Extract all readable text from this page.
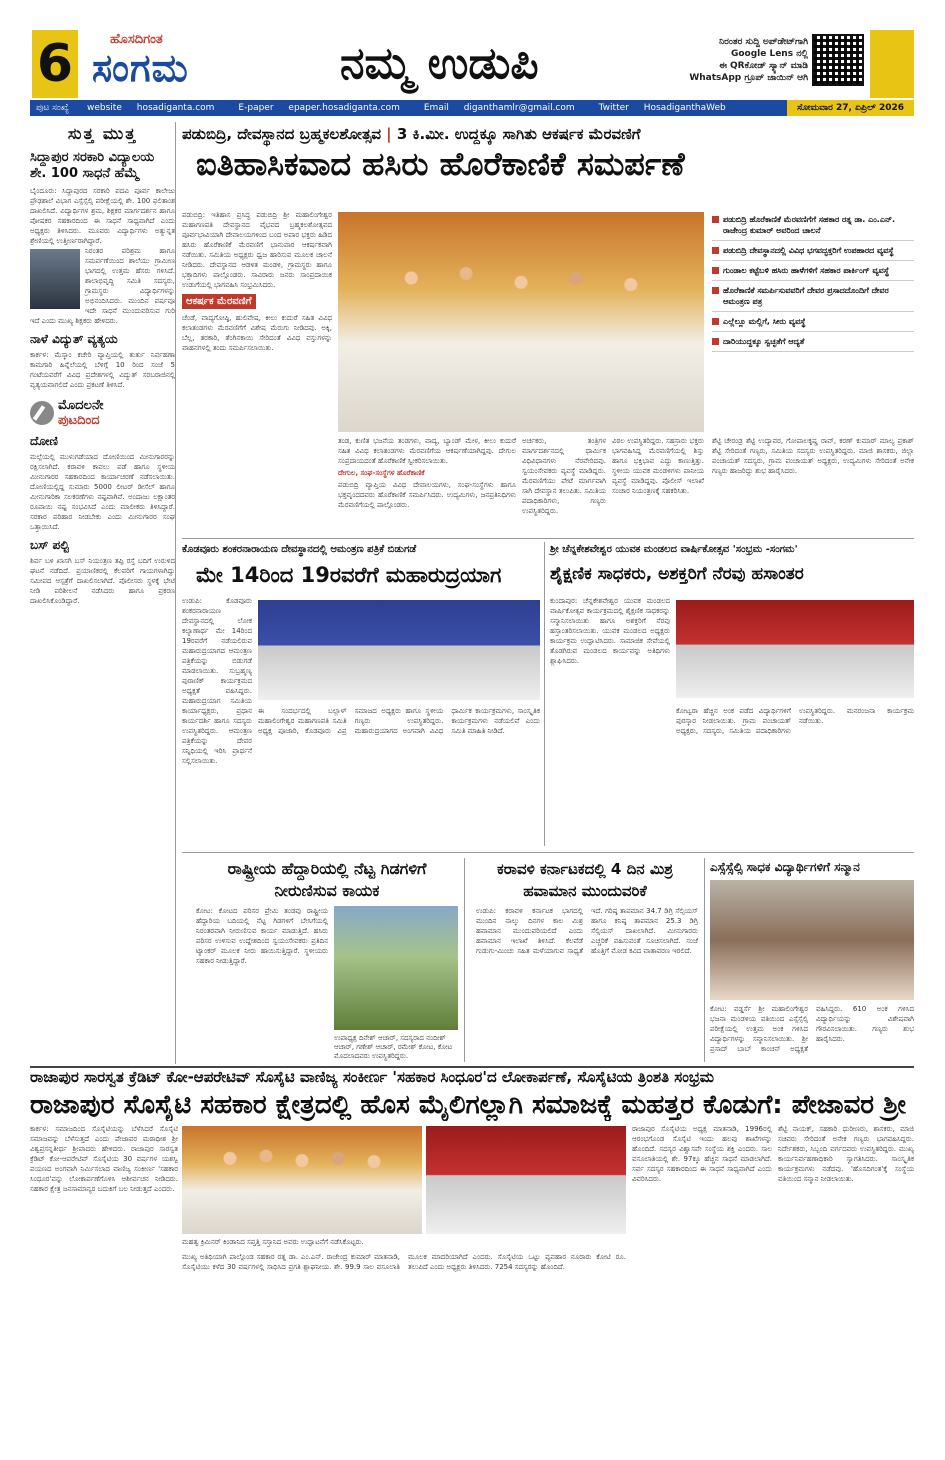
6	ಹೊಸದಿಗಂತ
ಸಂಗಮ	ನಮ್ಮ ಉಡುಪಿ	ನಿರಂತರ ಸುದ್ದಿ ಅಪ್‌ಡೇಟ್‌ಗಾಗಿ
Google Lens ನಲ್ಲಿ
ಈ QRಕೋಡ್ ಸ್ಕ್ಯಾನ್ ಮಾಡಿ
WhatsApp ಗ್ರೂಪ್ ಜಾಯಿನ್ ಆಗಿ
ಪುಟ ಸಂಖ್ಯೆ	website hosadiganta.com	E-paper epaper.hosadiganta.com	Email diganthamlr@gmail.com	Twitter HosadiganthaWeb	ಸೋಮವಾರ 27, ಏಪ್ರಿಲ್ 2026
ಸುತ್ತ ಮುತ್ತ
ಸಿದ್ದಾಪುರ ಸರಕಾರಿ ವಿದ್ಯಾಲಯ ಶೇ. 100 ಸಾಧನೆ ಹೆಮ್ಮೆ
ಬೈಂದೂರು: ಸಿದ್ದಾಪುರದ ಸರಕಾರಿ ಪದವಿ ಪೂರ್ವ ಕಾಲೇಜು ಪ್ರೌಢಶಾಲೆ ವಿಭಾಗ ಎಸ್ಸೆಸ್ಸೆಲ್ಸಿ ಪರೀಕ್ಷೆಯಲ್ಲಿ ಶೇ. 100 ಫಲಿತಾಂಶ ದಾಖಲಿಸಿದೆ. ವಿದ್ಯಾರ್ಥಿಗಳ ಶ್ರಮ, ಶಿಕ್ಷಕರ ಮಾರ್ಗದರ್ಶನ ಹಾಗೂ ಪೋಷಕರ ಸಹಕಾರದಿಂದ ಈ ಸಾಧನೆ ಸಾಧ್ಯವಾಗಿದೆ ಎಂದು ಅಧ್ಯಕ್ಷರು ತಿಳಿಸಿದರು. ಮೂವರು ವಿದ್ಯಾರ್ಥಿಗಳು ಅತ್ಯುನ್ನತ ಶ್ರೇಣಿಯಲ್ಲಿ ಉತ್ತೀರ್ಣರಾಗಿದ್ದಾರೆ.
ನಿರಂತರ ಪರಿಶ್ರಮ ಹಾಗೂ ಸಮರ್ಪಣೆಯಿಂದ ಶಾಲೆಯು ಗ್ರಾಮೀಣ ಭಾಗದಲ್ಲಿ ಉತ್ತಮ ಹೆಸರು ಗಳಿಸಿದೆ. ಶಾಲಾಭಿವೃದ್ಧಿ ಸಮಿತಿ ಸದಸ್ಯರು, ಗ್ರಾಮಸ್ಥರು ವಿದ್ಯಾರ್ಥಿಗಳನ್ನು ಅಭಿನಂದಿಸಿದರು. ಮುಂದಿನ ವರ್ಷವೂ ಇದೇ ಸಾಧನೆ ಮುಂದುವರಿಸುವ ಗುರಿ ಇದೆ ಎಂದು ಮುಖ್ಯ ಶಿಕ್ಷಕರು ಹೇಳಿದರು.
ನಾಳೆ ವಿದ್ಯುತ್ ವ್ಯತ್ಯಯ
ಕಾರ್ಕಳ: ಮೆಸ್ಕಾಂ ಕಚೇರಿ ವ್ಯಾಪ್ತಿಯಲ್ಲಿ ತುರ್ತು ನಿರ್ವಹಣಾ ಕಾಮಗಾರಿ ಹಿನ್ನೆಲೆಯಲ್ಲಿ ಬೆಳಿಗ್ಗೆ 10 ರಿಂದ ಸಂಜೆ 5 ಗಂಟೆಯವರೆಗೆ ವಿವಿಧ ಪ್ರದೇಶಗಳಲ್ಲಿ ವಿದ್ಯುತ್ ಸರಬರಾಜಿನಲ್ಲಿ ವ್ಯತ್ಯಯವಾಗಲಿದೆ ಎಂದು ಪ್ರಕಟಣೆ ತಿಳಿಸಿದೆ.
ಮೊದಲನೇ
ಪುಟದಿಂದ
ದೋಣಿ
ಮಲ್ಪೆಯಲ್ಲಿ ಮುಳುಗಡೆಯಾದ ದೋಣಿಯಿಂದ ಮೀನುಗಾರರನ್ನು ರಕ್ಷಿಸಲಾಗಿದೆ. ಕರಾವಳಿ ಕಾವಲು ಪಡೆ ಹಾಗೂ ಸ್ಥಳೀಯ ಮೀನುಗಾರರ ಸಹಕಾರದಿಂದ ಕಾರ್ಯಾಚರಣೆ ನಡೆಸಲಾಯಿತು. ದೋಣಿಯಲ್ಲಿದ್ದ ಸುಮಾರು 5000 ಲೀಟರ್ ಡೀಸೆಲ್ ಹಾಗೂ ಮೀನುಗಾರಿಕಾ ಸಲಕರಣೆಗಳು ನಷ್ಟವಾಗಿವೆ. ಅಂದಾಜು ಲಕ್ಷಾಂತರ ರೂಪಾಯಿ ನಷ್ಟ ಸಂಭವಿಸಿದೆ ಎಂದು ಮಾಲೀಕರು ತಿಳಿಸಿದ್ದಾರೆ. ಸರಕಾರ ಪರಿಹಾರ ನೀಡಬೇಕು ಎಂದು ಮೀನುಗಾರರ ಸಂಘ ಒತ್ತಾಯಿಸಿದೆ.
ಬಸ್ ಪಲ್ಟಿ
ಶಿರ್ವ ಬಳಿ ಖಾಸಗಿ ಬಸ್ ನಿಯಂತ್ರಣ ತಪ್ಪಿ ರಸ್ತೆ ಬದಿಗೆ ಉರುಳಿದ ಘಟನೆ ನಡೆದಿದೆ. ಪ್ರಯಾಣಿಕರಲ್ಲಿ ಕೆಲವರಿಗೆ ಗಾಯಗಳಾಗಿದ್ದು ಸಮೀಪದ ಆಸ್ಪತ್ರೆಗೆ ದಾಖಲಿಸಲಾಗಿದೆ. ಪೊಲೀಸರು ಸ್ಥಳಕ್ಕೆ ಭೇಟಿ ನೀಡಿ ಪರಿಶೀಲನೆ ನಡೆಸಿದರು ಹಾಗೂ ಪ್ರಕರಣ ದಾಖಲಿಸಿಕೊಂಡಿದ್ದಾರೆ.
ಪಡುಬಿದ್ರಿ, ದೇವಸ್ಥಾನದ ಬ್ರಹ್ಮಕಲಶೋತ್ಸವ | 3 ಕಿ.ಮೀ. ಉದ್ದಕ್ಕೂ ಸಾಗಿತು ಆಕರ್ಷಕ ಮೆರವಣಿಗೆ
ಐತಿಹಾಸಿಕವಾದ ಹಸಿರು ಹೊರೆಕಾಣಿಕೆ ಸಮರ್ಪಣೆ
ಪಡುಬಿದ್ರಿ: ಇತಿಹಾಸ ಪ್ರಸಿದ್ಧ ಪಡುಬಿದ್ರಿ ಶ್ರೀ ಮಹಾಲಿಂಗೇಶ್ವರ ಮಹಾಗಣಪತಿ ದೇವಸ್ಥಾನದ ವೈಭವದ ಬ್ರಹ್ಮಕಲಶೋತ್ಸವದ ಪೂರ್ವಭಾವಿಯಾಗಿ ದೇವಾಲಯಗಳಿಂದ ಬಂದ ಅಪಾರ ಭಕ್ತರು ಹಿಡಿದ ಹಸಿರು ಹೊರೆಕಾಣಿಕೆ ಮೆರವಣಿಗೆ ಭಾನುವಾರ ಆಕರ್ಷಕವಾಗಿ ನಡೆಯಿತು. ಸಮಿತಿಯ ಅಧ್ಯಕ್ಷರು ಧ್ವಜ ಹಾರಿಸುವ ಮೂಲಕ ಚಾಲನೆ ನೀಡಿದರು. ದೇವಸ್ಥಾನದ ಆಡಳಿತ ಮಂಡಳಿ, ಗ್ರಾಮಸ್ಥರು ಹಾಗೂ ಭಕ್ತಾದಿಗಳು ಪಾಲ್ಗೊಂಡರು. ಸಾವಿರಾರು ಜನರು ಸಾಂಪ್ರದಾಯಿಕ ಉಡುಗೆಯಲ್ಲಿ ಭಾಗವಹಿಸಿ ಸಂಭ್ರಮಿಸಿದರು.
ಆಕರ್ಷಕ ಮೆರವಣಿಗೆ
ಚೆಂಡೆ, ವಾದ್ಯಗೋಷ್ಠಿ, ಹುಲಿವೇಷ, ಕೀಲು ಕುದುರೆ ಸಹಿತ ವಿವಿಧ ಕಲಾತಂಡಗಳು ಮೆರವಣಿಗೆಗೆ ವಿಶೇಷ ಮೆರುಗು ನೀಡಿದವು. ಅಕ್ಕಿ, ಬೆಲ್ಲ, ತರಕಾರಿ, ತೆಂಗಿನಕಾಯಿ ಸೇರಿದಂತೆ ವಿವಿಧ ವಸ್ತುಗಳನ್ನು ವಾಹನಗಳಲ್ಲಿ ತಂದು ಸಮರ್ಪಿಸಲಾಯಿತು.
ಪಡುಬಿದ್ರಿ ಹೊರೆಕಾಣಿಕೆ ಮೆರವಣಿಗೆಗೆ ಸಹಕಾರ ರತ್ನ ಡಾ. ಎಂ.ಎನ್. ರಾಜೇಂದ್ರ ಕುಮಾರ್ ಅವರಿಂದ ಚಾಲನೆ
ಪಡುಬಿದ್ರಿ ದೇವಸ್ಥಾನದಲ್ಲಿ ವಿವಿಧ ಭಗವದ್ಭಕ್ತರಿಗೆ ಉಪಹಾರದ ವ್ಯವಸ್ಥೆ
ಗುಂಡಾಲ ಕಟ್ಟೆಬಳಿ ಹಸಿರು ಹಾಳೆಗಳಿಗೆ ಸಹಕಾರ ಪಾರ್ಕಿಂಗ್ ವ್ಯವಸ್ಥೆ
ಹೊರೆಕಾಣಿಕೆ ಸಮರ್ಪಿಸುವವರಿಗೆ ದೇವರ ಪ್ರಸಾದದೊಂದಿಗೆ ದೇವರ ಆಮಂತ್ರಣ ಪತ್ರ
ಎಲ್ಲೆಲ್ಲೂ ಮಲ್ಲಿಗೆ, ಸೀರು ವ್ಯವಸ್ಥೆ
ದಾರಿಯುದ್ದಕ್ಕೂ ಸ್ವಚ್ಛತೆಗೆ ಆದ್ಯತೆ
ತಂಡ, ಕುಣಿತ ಭಜನೆಯ ತಂಡಗಳು, ವಾದ್ಯ, ಬ್ಯಾಂಡ್ ಮೇಳ, ಕೀಲು ಕುದುರೆ ಸಹಿತ ವಿವಿಧ ಕಲಾತಂಡಗಳು ಮೆರವಣಿಗೆಯ ಆಕರ್ಷಣೆಯಾಗಿದ್ದವು. ದೇಗುಲ ಸಂಪ್ರದಾಯದಂತೆ ಹೊರೆಕಾಣಿಕೆ ಸ್ವೀಕರಿಸಲಾಯಿತು.
ದೇಗುಲ, ಸಂಘ-ಸಂಸ್ಥೆಗಳ ಹೊರೆಕಾಣಿಕೆ
ಪಡುಬಿದ್ರಿ ವ್ಯಾಪ್ತಿಯ ವಿವಿಧ ದೇವಾಲಯಗಳು, ಸಂಘ-ಸಂಸ್ಥೆಗಳು ಹಾಗೂ ಭಕ್ತವೃಂದದವರು ಹೊರೆಕಾಣಿಕೆ ಸಮರ್ಪಿಸಿದರು. ಉದ್ಯಮಿಗಳು, ಜನಪ್ರತಿನಿಧಿಗಳು ಮೆರವಣಿಗೆಯಲ್ಲಿ ಪಾಲ್ಗೊಂಡರು.
ಅರ್ಚಕರು, ತಂತ್ರಿಗಳ ಮಾರ್ಗದರ್ಶನದಲ್ಲಿ ಧಾರ್ಮಿಕ ವಿಧಿವಿಧಾನಗಳು ನೆರವೇರಿದವು. ಸ್ವಯಂಸೇವಕರು ವ್ಯವಸ್ಥೆ ಮಾಡಿದ್ದರು. ಮೆರವಣಿಗೆಯು ಪೇಟೆ ಮಾರ್ಗವಾಗಿ ಸಾಗಿ ದೇವಸ್ಥಾನ ತಲುಪಿತು. ಸಮಿತಿಯ ಪದಾಧಿಕಾರಿಗಳು, ಗಣ್ಯರು ಉಪಸ್ಥಿತರಿದ್ದರು.
ವಿಠಲ ಉಪಸ್ಥಿತರಿದ್ದರು. ಸಹಸ್ರಾರು ಭಕ್ತರು ಭಾಗವಹಿಸಿದ್ದ ಮೆರವಣಿಗೆಯಲ್ಲಿ ಶಿಸ್ತು ಹಾಗೂ ಭಕ್ತಿಭಾವ ಎದ್ದು ಕಾಣುತ್ತಿತ್ತು. ಸ್ಥಳೀಯ ಯುವಕ ಮಂಡಳಿಗಳು ಪಾನೀಯ ವ್ಯವಸ್ಥೆ ಮಾಡಿದ್ದವು. ಪೊಲೀಸ್ ಇಲಾಖೆ ಸಂಚಾರ ನಿಯಂತ್ರಣಕ್ಕೆ ಸಹಕರಿಸಿತು.
ಶೆಟ್ಟಿ ಚೇರಂಡ್ರ ಶೆಟ್ಟಿ ಉದ್ಯಾವರ, ಗೋಪಾಲಕೃಷ್ಣ ರಾವ್, ಕರಣ್ ಕುಮಾರ್ ಮಾಲ್ಯ ಪ್ರಕಾಶ್ ಶೆಟ್ಟಿ ಸೇರಿದಂತೆ ಗಣ್ಯರು, ಸಮಿತಿಯ ಸದಸ್ಯರು ಉಪಸ್ಥಿತರಿದ್ದರು. ಮಾಜಿ ಶಾಸಕರು, ಜಿಲ್ಲಾ ಪಂಚಾಯತ್ ಸದಸ್ಯರು, ಗ್ರಾಮ ಪಂಚಾಯತ್ ಅಧ್ಯಕ್ಷರು, ಉದ್ಯಮಿಗಳು ಸೇರಿದಂತೆ ಅನೇಕ ಗಣ್ಯರು ಹಾಜರಿದ್ದು ಶುಭ ಹಾರೈಸಿದರು.
ಕೊಡವೂರು ಶಂಕರನಾರಾಯಣ ದೇವಸ್ಥಾನದಲ್ಲಿ ಆಮಂತ್ರಣ ಪತ್ರಿಕೆ ಬಿಡುಗಡೆ
ಮೇ 14ರಿಂದ 19ರವರೆಗೆ ಮಹಾರುದ್ರಯಾಗ
ಉಡುಪಿ: ಕೊಡವೂರು ಶಂಕರನಾರಾಯಣ ದೇವಸ್ಥಾನದಲ್ಲಿ ಲೋಕ ಕಲ್ಯಾಣಾರ್ಥ ಮೇ 14ರಿಂದ 19ರವರೆಗೆ ನಡೆಯಲಿರುವ ಮಹಾರುದ್ರಯಾಗದ ಆಮಂತ್ರಣ ಪತ್ರಿಕೆಯನ್ನು ಬಿಡುಗಡೆ ಮಾಡಲಾಯಿತು. ಸುಬ್ರಹ್ಮಣ್ಯ ಪುರಾಣಿಕ್ ಕಾರ್ಯಕ್ರಮದ ಅಧ್ಯಕ್ಷತೆ ವಹಿಸಿದ್ದರು. ಮಹಾರುದ್ರಯಾಗ ಸಮಿತಿಯ ಕಾರ್ಯಾಧ್ಯಕ್ಷರು, ಪ್ರಧಾನ ಕಾರ್ಯದರ್ಶಿ ಹಾಗೂ ಸದಸ್ಯರು ಉಪಸ್ಥಿತರಿದ್ದರು. ಆಮಂತ್ರಣ ಪತ್ರಿಕೆಯನ್ನು ದೇವರ ಸನ್ನಿಧಿಯಲ್ಲಿ ಇರಿಸಿ ಪ್ರಾರ್ಥನೆ ಸಲ್ಲಿಸಲಾಯಿತು.
ಈ ಸಂದರ್ಭದಲ್ಲಿ ಬಲ್ಲಾಳ್ ಮಹಾಲಿಂಗೇಶ್ವರ ಮಹಾಗಣಪತಿ ಸಮಿತಿ ಅಧ್ಯಕ್ಷ ಪೂಜಾರಿ, ಕೊಡವೂರು ವಿಪ್ರ ಸಮಾಜದ ಅಧ್ಯಕ್ಷರು ಹಾಗೂ ಸ್ಥಳೀಯ ಗಣ್ಯರು ಉಪಸ್ಥಿತರಿದ್ದರು. ಮಹಾರುದ್ರಯಾಗದ ಅಂಗವಾಗಿ ವಿವಿಧ ಧಾರ್ಮಿಕ ಕಾರ್ಯಕ್ರಮಗಳು, ಸಾಂಸ್ಕೃತಿಕ ಕಾರ್ಯಕ್ರಮಗಳು ನಡೆಯಲಿವೆ ಎಂದು ಸಮಿತಿ ಮಾಹಿತಿ ನೀಡಿದೆ.
ಶ್ರೀ ಚೆನ್ನಕೇಶವೇಶ್ವರ ಯುವಕ ಮಂಡಲದ ವಾರ್ಷಿಕೋತ್ಸವ 'ಸಂಭ್ರಮ -ಸಂಗಮ'
ಶೈಕ್ಷಣಿಕ ಸಾಧಕರು, ಅಶಕ್ತರಿಗೆ ನೆರವು ಹಸಾಂತರ
ಕುಂದಾಪುರ: ಚೆನ್ನಕೇಶವೇಶ್ವರ ಯುವಕ ಮಂಡಲದ ವಾರ್ಷಿಕೋತ್ಸವ ಕಾರ್ಯಕ್ರಮದಲ್ಲಿ ಶೈಕ್ಷಣಿಕ ಸಾಧಕರನ್ನು ಸನ್ಮಾನಿಸಲಾಯಿತು ಹಾಗೂ ಅಶಕ್ತರಿಗೆ ನೆರವು ಹಸ್ತಾಂತರಿಸಲಾಯಿತು. ಯುವಕ ಮಂಡಲದ ಅಧ್ಯಕ್ಷರು ಕಾರ್ಯಕ್ರಮ ಉದ್ಘಾಟಿಸಿದರು. ಸಾಮಾಜಿಕ ಸೇವೆಯಲ್ಲಿ ತೊಡಗಿರುವ ಮಂಡಲದ ಕಾರ್ಯವನ್ನು ಅತಿಥಿಗಳು ಶ್ಲಾಘಿಸಿದರು.
ಕೋಟ್ವರಾ ಹೆಚ್ಚಿನ ಅಂಕ ಪಡೆದ ವಿದ್ಯಾರ್ಥಿಗಳಿಗೆ ಪುರಸ್ಕಾರ ನೀಡಲಾಯಿತು. ಗ್ರಾಮ ಪಂಚಾಯತ್ ಅಧ್ಯಕ್ಷರು, ಸದಸ್ಯರು, ಸಮಿತಿಯ ಪದಾಧಿಕಾರಿಗಳು ಉಪಸ್ಥಿತರಿದ್ದರು. ಮನರಂಜನಾ ಕಾರ್ಯಕ್ರಮ ನಡೆಯಿತು.
ರಾಷ್ಟ್ರೀಯ ಹೆದ್ದಾರಿಯಲ್ಲಿ ನೆಟ್ಟ ಗಿಡಗಳಿಗೆ ನೀರುಣಿಸುವ ಕಾಯಕ
ಕೋಟ: ಕೋಟದ ಪರಿಸರ ಪ್ರೇಮಿ ತಂಡವು ರಾಷ್ಟ್ರೀಯ ಹೆದ್ದಾರಿಯ ಬದಿಯಲ್ಲಿ ನೆಟ್ಟ ಗಿಡಗಳಿಗೆ ಬೇಸಿಗೆಯಲ್ಲಿ ನಿರಂತರವಾಗಿ ನೀರುಣಿಸುವ ಕಾರ್ಯ ಮಾಡುತ್ತಿದೆ. ಹಸಿರು ಪರಿಸರ ಉಳಿಸುವ ಉದ್ದೇಶದಿಂದ ಸ್ವಯಂಸೇವಕರು ಪ್ರತಿದಿನ ಟ್ಯಾಂಕರ್ ಮೂಲಕ ನೀರು ಹಾಯಿಸುತ್ತಿದ್ದಾರೆ. ಸ್ಥಳೀಯರು ಸಹಕಾರ ನೀಡುತ್ತಿದ್ದಾರೆ.
ಉಪಾಧ್ಯಕ್ಷ ದಿನೇಶ್ ಆಚಾರ್, ಸದಸ್ಯರಾದ ನಂದೀಶ್ ಆಚಾರ್, ಗಣೇಶ್ ಆಚಾರ್, ರಮೇಶ್ ಕೋಟ, ಕೋಟ ಮೊದಲಾದವರು ಉಪಸ್ಥಿತರಿದ್ದರು.
ಕರಾವಳಿ ಕರ್ನಾಟಕದಲ್ಲಿ 4 ದಿನ ಮಿಶ್ರ ಹವಾಮಾನ ಮುಂದುವರಿಕೆ
ಉಡುಪಿ: ಕರಾವಳಿ ಕರ್ನಾಟಕ ಭಾಗದಲ್ಲಿ ಮುಂದಿನ ನಾಲ್ಕು ದಿನಗಳ ಕಾಲ ಮಿಶ್ರ ಹವಾಮಾನ ಮುಂದುವರಿಯಲಿದೆ ಎಂದು ಹವಾಮಾನ ಇಲಾಖೆ ತಿಳಿಸಿದೆ. ಕೆಲವೆಡೆ ಗುಡುಗು-ಮಿಂಚು ಸಹಿತ ಮಳೆಯಾಗುವ ಸಾಧ್ಯತೆ ಇದೆ. ಗರಿಷ್ಠ ತಾಪಮಾನ 34.7 ಡಿಗ್ರಿ ಸೆಲ್ಸಿಯಸ್ ಹಾಗೂ ಕನಿಷ್ಠ ತಾಪಮಾನ 25.3 ಡಿಗ್ರಿ ಸೆಲ್ಸಿಯಸ್ ದಾಖಲಾಗಿದೆ. ಮೀನುಗಾರರು ಎಚ್ಚರಿಕೆ ವಹಿಸುವಂತೆ ಸೂಚಿಸಲಾಗಿದೆ. ಸಂಜೆ ಹೊತ್ತಿಗೆ ಮೋಡ ಕವಿದ ವಾತಾವರಣ ಇರಲಿದೆ.
ಎಸ್ಸೆಸ್ಸೆಲ್ಸಿ ಸಾಧಕ ವಿದ್ಯಾರ್ಥಿಗಳಿಗೆ ಸನ್ಮಾನ
ಕೋಟ: ವಡ್ಡರ್ಸೆ ಶ್ರೀ ಮಹಾಲಿಂಗೇಶ್ವರ ಭಜನಾ ಮಂಡಳಿಯ ವತಿಯಿಂದ ಎಸ್ಸೆಸ್ಸೆಲ್ಸಿ ಪರೀಕ್ಷೆಯಲ್ಲಿ ಉತ್ತಮ ಅಂಕ ಗಳಿಸಿದ ವಿದ್ಯಾರ್ಥಿಗಳನ್ನು ಸನ್ಮಾನಿಸಲಾಯಿತು. ಶ್ರೀ ಪ್ರಸಾದ್ ಬಾಬ್ ಕಾಂಚನ್ ಅಧ್ಯಕ್ಷತೆ ವಹಿಸಿದ್ದರು. 610 ಅಂಕ ಗಳಿಸಿದ ವಿದ್ಯಾರ್ಥಿಯನ್ನು ವಿಶೇಷವಾಗಿ ಗೌರವಿಸಲಾಯಿತು. ಗಣ್ಯರು ಶುಭ ಹಾರೈಸಿದರು.
ರಾಜಾಪುರ ಸಾರಸ್ವತ ಕ್ರೆಡಿಟ್ ಕೋ-ಆಪರೇಟಿವ್ ಸೊಸೈಟಿ ವಾಣಿಜ್ಯ ಸಂಕೀರ್ಣ 'ಸಹಕಾರ ಸಿಂಧೂರ'ದ ಲೋಕಾರ್ಪಣೆ, ಸೊಸೈಟಿಯ ತ್ರಿಂಶತಿ ಸಂಭ್ರಮ
ರಾಜಾಪುರ ಸೊಸೈಟಿ ಸಹಕಾರ ಕ್ಷೇತ್ರದಲ್ಲಿ ಹೊಸ ಮೈಲಿಗಲ್ಲಾಗಿ ಸಮಾಜಕ್ಕೆ ಮಹತ್ತರ ಕೊಡುಗೆ: ಪೇಜಾವರ ಶ್ರೀ
ಕಾರ್ಕಳ: ಸಮಾಜದಿಂದ ಸೊಸೈಟಿಯನ್ನು ಬೆಳೆಸಿದರೆ ಸೊಸೈಟಿ ಸಮಾಜವನ್ನು ಬೆಳೆಸುತ್ತದೆ ಎಂದು ಪೇಜಾವರ ಮಠಾಧೀಶ ಶ್ರೀ ವಿಶ್ವಪ್ರಸನ್ನತೀರ್ಥ ಶ್ರೀಪಾದರು ಹೇಳಿದರು. ರಾಜಾಪುರ ಸಾರಸ್ವತ ಕ್ರೆಡಿಟ್ ಕೋ-ಆಪರೇಟಿವ್ ಸೊಸೈಟಿಯ 30 ವರ್ಷಗಳ ಯಶಸ್ವಿ ಪಯಣದ ಅಂಗವಾಗಿ ನಿರ್ಮಿಸಲಾದ ವಾಣಿಜ್ಯ ಸಂಕೀರ್ಣ 'ಸಹಕಾರ ಸಿಂಧೂರ'ವನ್ನು ಲೋಕಾರ್ಪಣೆಗೊಳಿಸಿ ಆಶೀರ್ವಚನ ನೀಡಿದರು. ಸಹಕಾರ ಕ್ಷೇತ್ರ ಜನಸಾಮಾನ್ಯರ ಬದುಕಿಗೆ ಬಲ ನೀಡುತ್ತದೆ ಎಂದರು.
ಮಹತ್ವ ಕ್ರಿಮಿನರ್ ಕಿಂಡಾನಿದ ಸಪ್ತತ್ತಿ ಸಸ್ತಾನಿದ ಅವರು ಉದ್ಘಾಟನೆಗೆ ನಡೆಸಿಕೊಟ್ಟರು.
ಮುಖ್ಯ ಅತಿಥಿಯಾಗಿ ಪಾಲ್ಗೊಂಡ ಸಹಕಾರ ರತ್ನ ಡಾ. ಎಂ.ಎನ್. ರಾಜೇಂದ್ರ ಕುಮಾರ್ ಮಾತನಾಡಿ, ಸೊಸೈಟಿಯು ಕಳೆದ 30 ವರ್ಷಗಳಲ್ಲಿ ಸಾಧಿಸಿದ ಪ್ರಗತಿ ಶ್ಲಾಘನೀಯ. ಶೇ. 99.9 ಸಾಲ ವಸೂಲಾತಿ ಮೂಲಕ ಮಾದರಿಯಾಗಿದೆ ಎಂದರು. ಸೊಸೈಟಿಯ ಒಟ್ಟು ವ್ಯವಹಾರ ನೂರಾರು ಕೋಟಿ ರೂ. ತಲುಪಿದೆ ಎಂದು ಅಧ್ಯಕ್ಷರು ತಿಳಿಸಿದರು. 7254 ಸದಸ್ಯರನ್ನು ಹೊಂದಿದೆ.
ರಾಜಾಪುರ ಸೊಸೈಟಿಯ ಅಧ್ಯಕ್ಷ ಮಾತನಾಡಿ, 1996ರಲ್ಲಿ ಆರಂಭಗೊಂಡ ಸೊಸೈಟಿ ಇಂದು ಹಲವು ಶಾಖೆಗಳನ್ನು ಹೊಂದಿದೆ. ಸದಸ್ಯರ ವಿಶ್ವಾಸವೇ ಸಂಸ್ಥೆಯ ಶಕ್ತಿ ಎಂದರು. ಸಾಲ ವಸೂಲಾತಿಯಲ್ಲಿ ಶೇ. 97ಕ್ಕೂ ಹೆಚ್ಚಿನ ಸಾಧನೆ ಮಾಡಲಾಗಿದೆ. ಸರ್ವ ಸದಸ್ಯರ ಸಹಕಾರದಿಂದ ಈ ಸಾಧನೆ ಸಾಧ್ಯವಾಗಿದೆ ಎಂದು ವಿವರಿಸಿದರು.
ಶೆಟ್ಟಿ ನಾಯಕ್, ಸಹಕಾರಿ ಧುರೀಣರು, ಶಾಸಕರು, ಮಾಜಿ ಸಚಿವರು ಸೇರಿದಂತೆ ಅನೇಕ ಗಣ್ಯರು ಭಾಗವಹಿಸಿದ್ದರು. ನಿರ್ದೇಶಕರು, ಸಿಬ್ಬಂದಿ ವರ್ಗದವರು ಉಪಸ್ಥಿತರಿದ್ದರು. ಮುಖ್ಯ ಕಾರ್ಯನಿರ್ವಹಣಾಧಿಕಾರಿ ಸ್ವಾಗತಿಸಿದರು. ಸಾಂಸ್ಕೃತಿಕ ಕಾರ್ಯಕ್ರಮಗಳು ನಡೆದವು. 'ಹೊಸದಿಗಂತ'ಕ್ಕೆ ಸಂಸ್ಥೆಯ ವತಿಯಿಂದ ಸನ್ಮಾನ ನೀಡಲಾಯಿತು.
